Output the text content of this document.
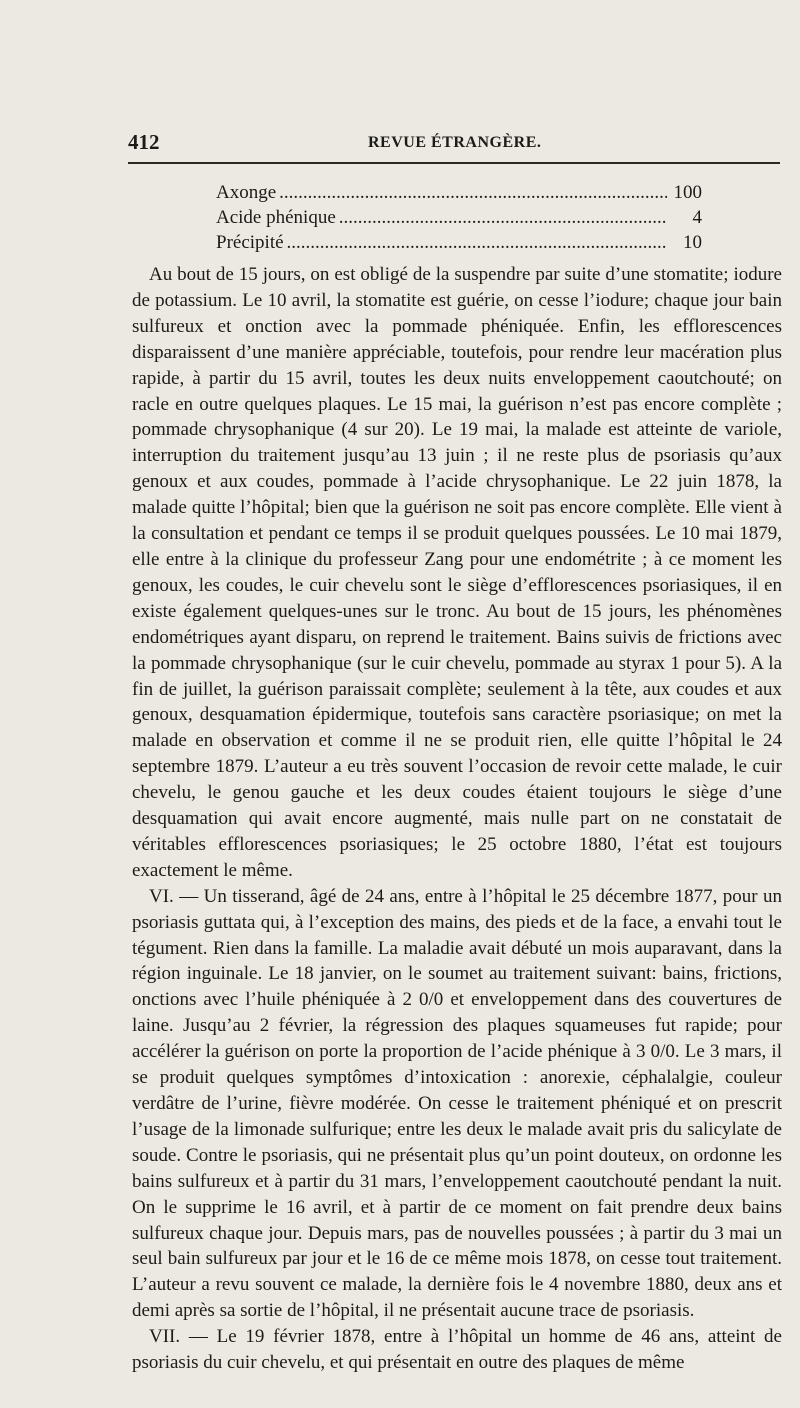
412	REVUE ÉTRANGÈRE.
Axonge .....	100
Acide phénique .....	4
Précipité .....	10

Au bout de 15 jours, on est obligé de la suspendre par suite d’une stomatite; iodure de potassium. Le 10 avril, la stomatite est guérie, on cesse l’iodure; chaque jour bain sulfureux et onction avec la pommade phéniquée. Enfin, les efflorescences disparaissent d’une manière appréciable, toutefois, pour rendre leur macération plus rapide, à partir du 15 avril, toutes les deux nuits enveloppement caoutchouté; on racle en outre quelques plaques. Le 15 mai, la guérison n’est pas encore complète ; pommade chrysophanique (4 sur 20). Le 19 mai, la malade est atteinte de variole, interruption du traitement jusqu’au 13 juin ; il ne reste plus de psoriasis qu’aux genoux et aux coudes, pommade à l’acide chrysophanique. Le 22 juin 1878, la malade quitte l’hôpital; bien que la guérison ne soit pas encore complète. Elle vient à la consultation et pendant ce temps il se produit quelques poussées. Le 10 mai 1879, elle entre à la clinique du professeur Zang pour une endométrite ; à ce moment les genoux, les coudes, le cuir chevelu sont le siège d’efflorescences psoriasiques, il en existe également quelques-unes sur le tronc. Au bout de 15 jours, les phénomènes endométriques ayant disparu, on reprend le traitement. Bains suivis de frictions avec la pommade chrysophanique (sur le cuir chevelu, pommade au styrax 1 pour 5). A la fin de juillet, la guérison paraissait complète; seulement à la tête, aux coudes et aux genoux, desquamation épidermique, toutefois sans caractère psoriasique; on met la malade en observation et comme il ne se produit rien, elle quitte l’hôpital le 24 septembre 1879. L’auteur a eu très souvent l’occasion de revoir cette malade, le cuir chevelu, le genou gauche et les deux coudes étaient toujours le siège d’une desquamation qui avait encore augmenté, mais nulle part on ne constatait de véritables efflorescences psoriasiques; le 25 octobre 1880, l’état est toujours exactement le même.

VI. — Un tisserand, âgé de 24 ans, entre à l’hôpital le 25 décembre 1877, pour un psoriasis guttata qui, à l’exception des mains, des pieds et de la face, a envahi tout le tégument. Rien dans la famille. La maladie avait débuté un mois auparavant, dans la région inguinale. Le 18 janvier, on le soumet au traitement suivant: bains, frictions, onctions avec l’huile phéniquée à 2 0/0 et enveloppement dans des couvertures de laine. Jusqu’au 2 février, la régression des plaques squameuses fut rapide; pour accélérer la guérison on porte la proportion de l’acide phénique à 3 0/0. Le 3 mars, il se produit quelques symptômes d’intoxication : anorexie, céphalalgie, couleur verdâtre de l’urine, fièvre modérée. On cesse le traitement phéniqué et on prescrit l’usage de la limonade sulfurique; entre les deux le malade avait pris du salicylate de soude. Contre le psoriasis, qui ne présentait plus qu’un point douteux, on ordonne les bains sulfureux et à partir du 31 mars, l’enveloppement caoutchouté pendant la nuit. On le supprime le 16 avril, et à partir de ce moment on fait prendre deux bains sulfureux chaque jour. Depuis mars, pas de nouvelles poussées ; à partir du 3 mai un seul bain sulfureux par jour et le 16 de ce même mois 1878, on cesse tout traitement. L’auteur a revu souvent ce malade, la dernière fois le 4 novembre 1880, deux ans et demi après sa sortie de l’hôpital, il ne présentait aucune trace de psoriasis.

VII. — Le 19 février 1878, entre à l’hôpital un homme de 46 ans, atteint de psoriasis du cuir chevelu, et qui présentait en outre des plaques de même
